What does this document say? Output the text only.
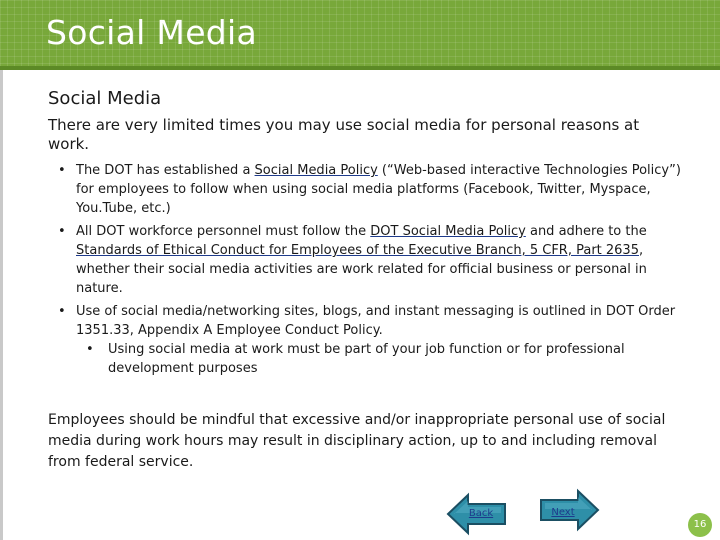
Social Media
Social Media
There are very limited times you may use social media for personal reasons at work.
• The DOT has established a Social Media Policy (“Web-based interactive Technologies Policy”) for employees to follow when using social media platforms (Facebook, Twitter, Myspace, You.Tube, etc.)
• All DOT workforce personnel must follow the DOT Social Media Policy and adhere to the Standards of Ethical Conduct for Employees of the Executive Branch, 5 CFR, Part 2635, whether their social media activities are work related for official business or personal in nature.
• Use of social media/networking sites, blogs, and instant messaging is outlined in DOT Order 1351.33, Appendix A Employee Conduct Policy.
• Using social media at work must be part of your job function or for professional development purposes
Employees should be mindful that excessive and/or inappropriate personal use of social media during work hours may result in disciplinary action, up to and including removal from federal service.
Back	Next
16
